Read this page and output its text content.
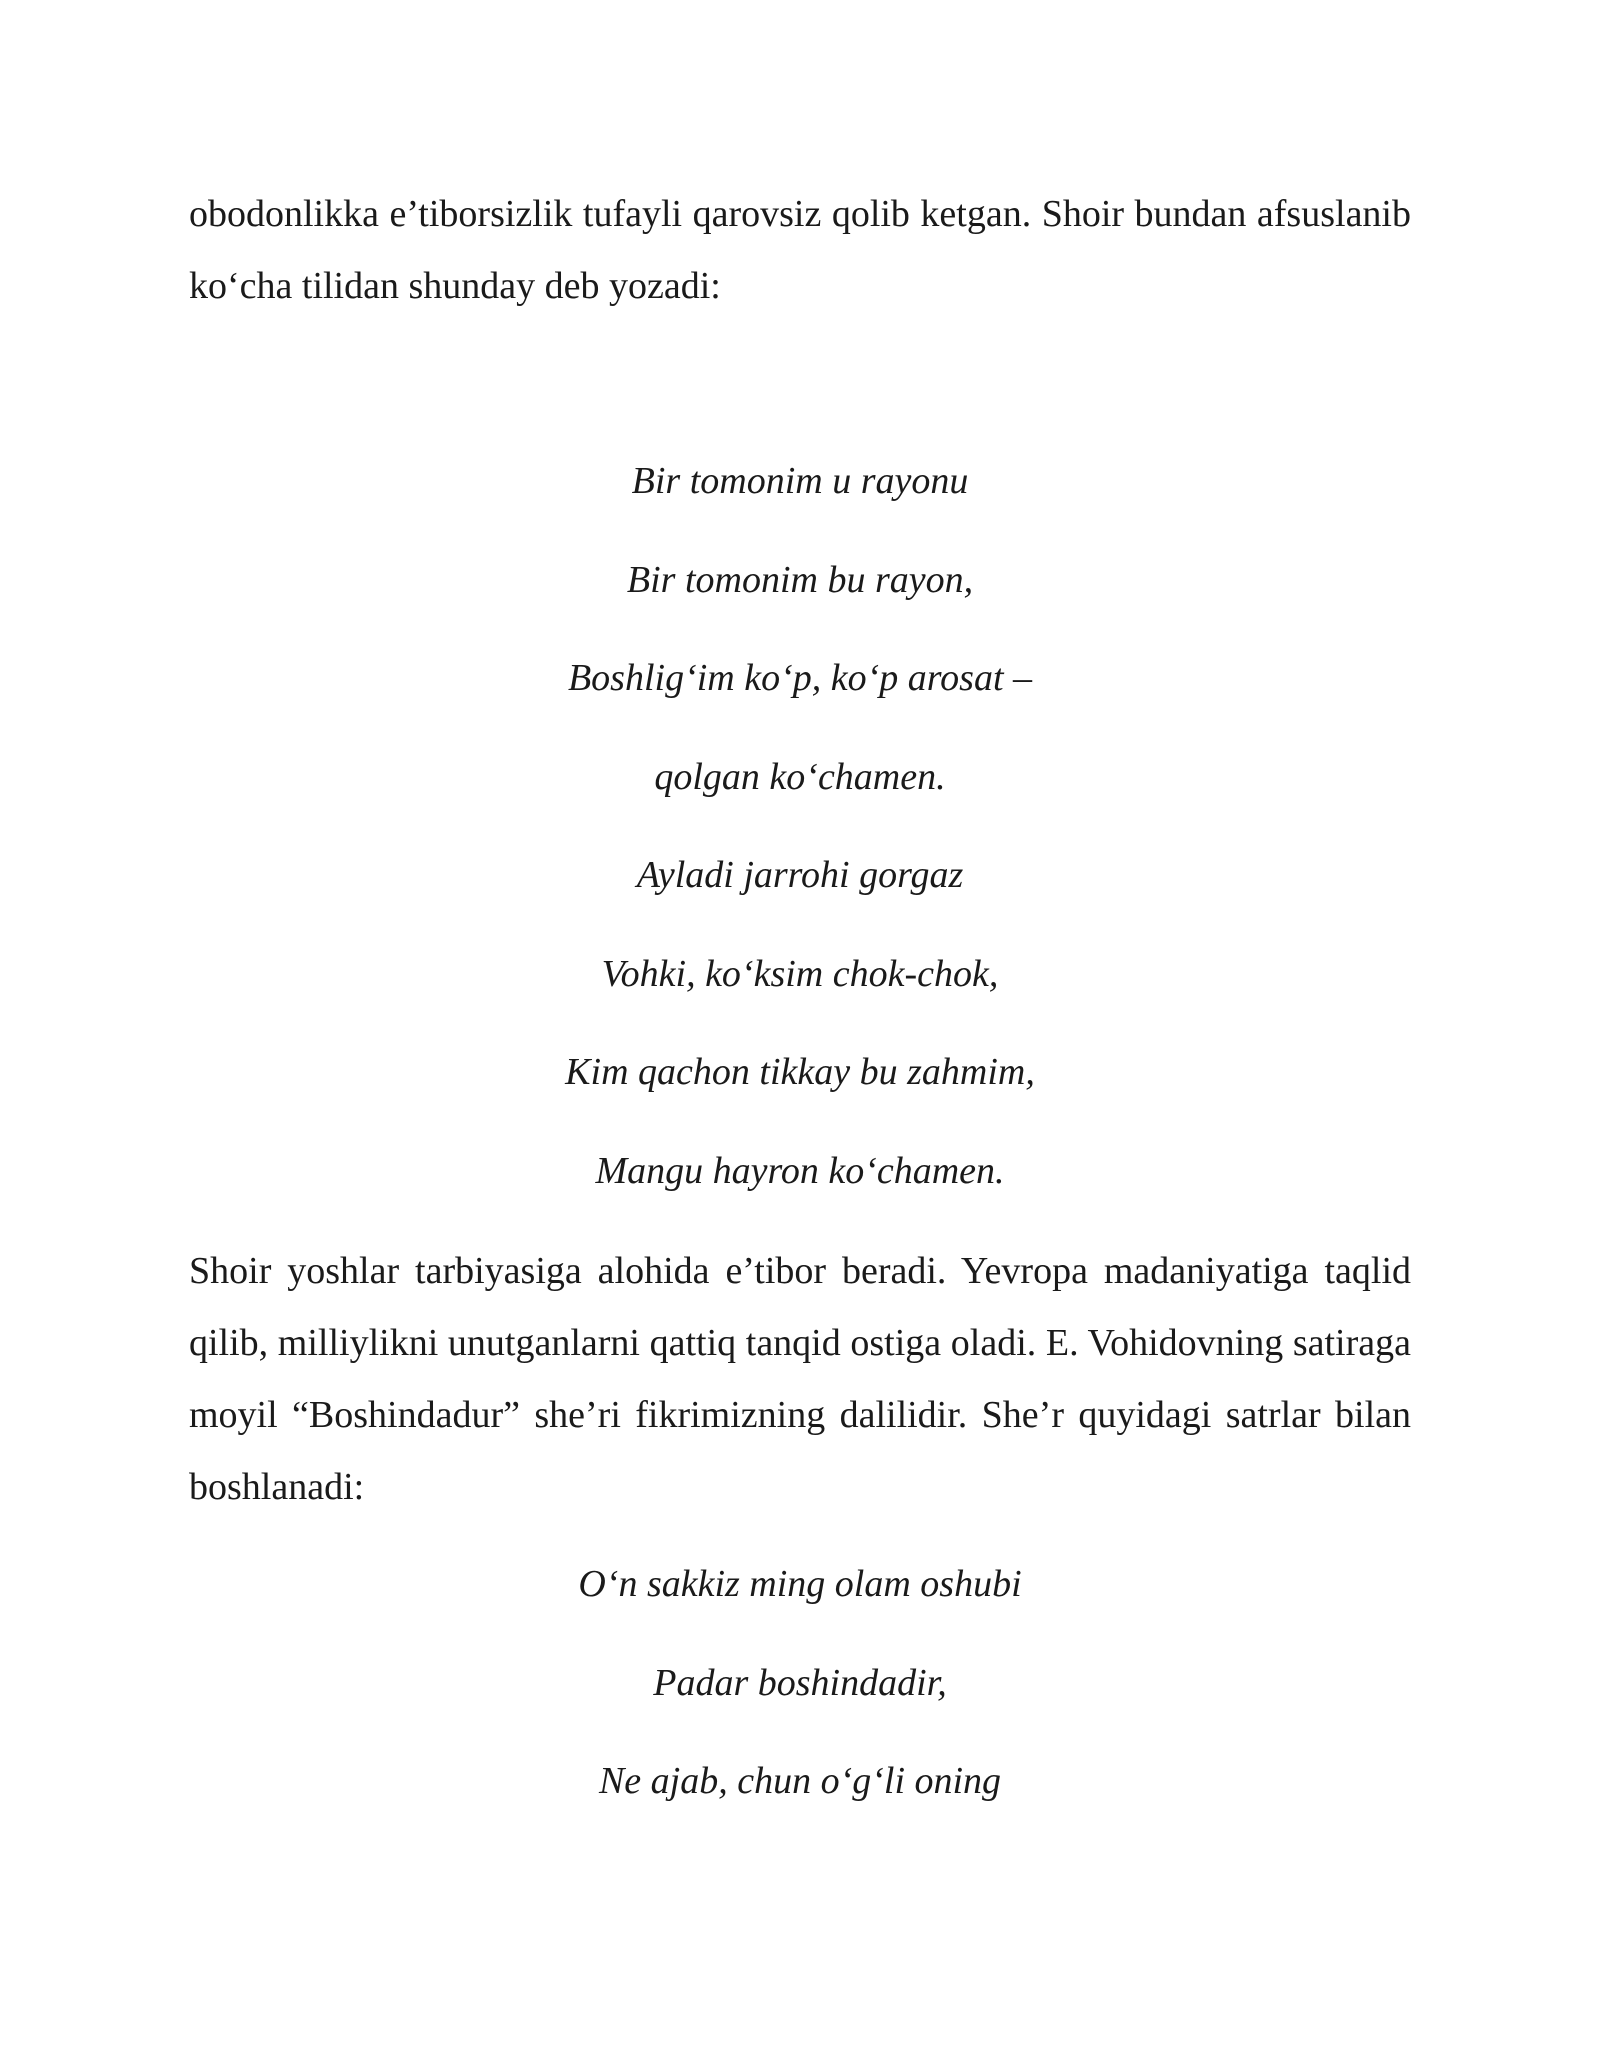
obodonlikka e’tiborsizlik tufayli qarovsiz qolib ketgan. Shoir bundan afsuslanib ko‘cha tilidan shunday deb yozadi:

Bir tomonim u rayonu
Bir tomonim bu rayon,
Boshlig‘im ko‘p, ko‘p arosat –
qolgan ko‘chamen.
Ayladi jarrohi gorgaz
Vohki, ko‘ksim chok-chok,
Kim qachon tikkay bu zahmim,
Mangu hayron ko‘chamen.

Shoir yoshlar tarbiyasiga alohida e’tibor beradi. Yevropa madaniyatiga taqlid qilib, milliylikni unutganlarni qattiq tanqid ostiga oladi. E. Vohidovning satiraga moyil “Boshindadur” she’ri fikrimizning dalilidir. She’r quyidagi satrlar bilan boshlanadi:

O‘n sakkiz ming olam oshubi
Padar boshindadir,
Ne ajab, chun o‘g‘li oning
